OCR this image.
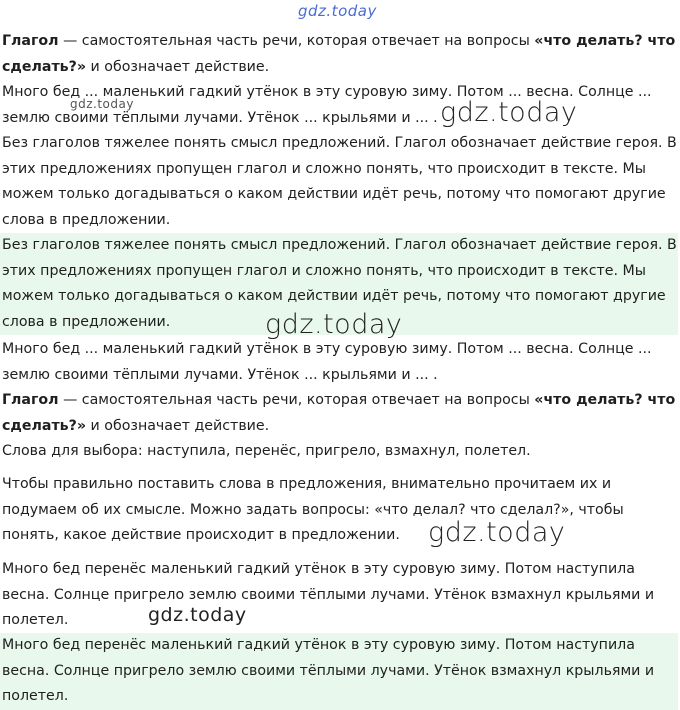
gdz.today
Глагол — самостоятельная часть речи, которая отвечает на вопросы «что делать? что сделать?» и обозначает действие.
Много бед ... маленький гадкий утёнок в эту суровую зиму. Потом ... весна. Солнце ... землю своими тёплыми лучами. Утёнок ... крыльями и ... .
gdz.today	gdz.today
Без глаголов тяжелее понять смысл предложений. Глагол обозначает действие героя. В этих предложениях пропущен глагол и сложно понять, что происходит в тексте. Мы можем только догадываться о каком действии идёт речь, потому что помогают другие слова в предложении.
Без глаголов тяжелее понять смысл предложений. Глагол обозначает действие героя. В этих предложениях пропущен глагол и сложно понять, что происходит в тексте. Мы можем только догадываться о каком действии идёт речь, потому что помогают другие слова в предложении.	gdz.today
Много бед ... маленький гадкий утёнок в эту суровую зиму. Потом ... весна. Солнце ... землю своими тёплыми лучами. Утёнок ... крыльями и ... .
Глагол — самостоятельная часть речи, которая отвечает на вопросы «что делать? что сделать?» и обозначает действие.
Слова для выбора: наступила, перенёс, пригрело, взмахнул, полетел.
Чтобы правильно поставить слова в предложения, внимательно прочитаем их и подумаем об их смысле. Можно задать вопросы: «что делал? что сделал?», чтобы понять, какое действие происходит в предложении.	gdz.today
Много бед перенёс маленький гадкий утёнок в эту суровую зиму. Потом наступила весна. Солнце пригрело землю своими тёплыми лучами. Утёнок взмахнул крыльями и полетел.	gdz.today
Много бед перенёс маленький гадкий утёнок в эту суровую зиму. Потом наступила весна. Солнце пригрело землю своими тёплыми лучами. Утёнок взмахнул крыльями и полетел.
